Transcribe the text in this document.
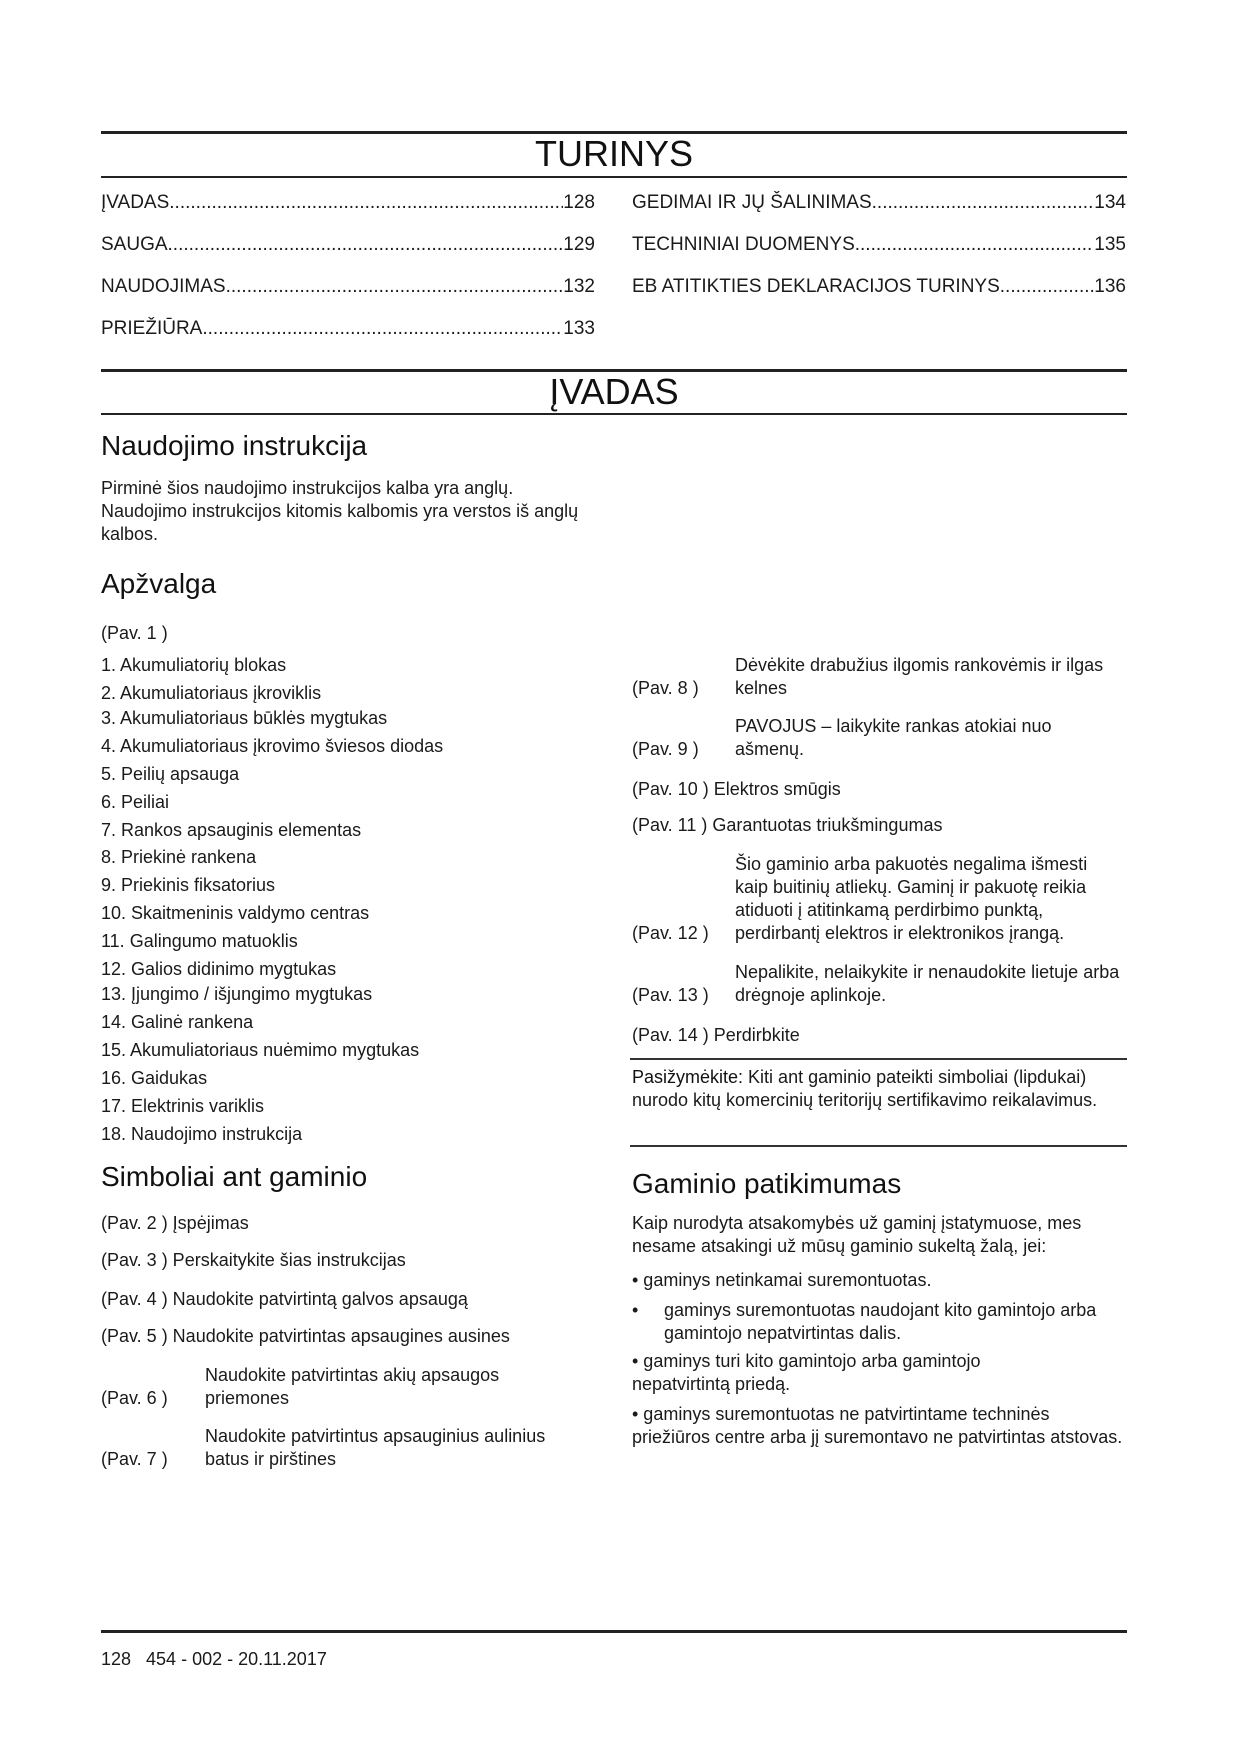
TURINYS
ĮVADAS .....	128
SAUGA .....	129
NAUDOJIMAS .....	132
PRIEŽIŪRA .....	133
GEDIMAI IR JŲ ŠALINIMAS .....	134
TECHNINIAI DUOMENYS .....	135
EB ATITIKTIES DEKLARACIJOS TURINYS .....	136
ĮVADAS
Naudojimo instrukcija
Pirminė šios naudojimo instrukcijos kalba yra anglų. Naudojimo instrukcijos kitomis kalbomis yra verstos iš anglų kalbos.
Apžvalga
(Pav. 1 )
1. Akumuliatorių blokas
2. Akumuliatoriaus įkroviklis
3. Akumuliatoriaus būklės mygtukas
4. Akumuliatoriaus įkrovimo šviesos diodas
5. Peilių apsauga
6. Peiliai
7. Rankos apsauginis elementas
8. Priekinė rankena
9. Priekinis fiksatorius
10. Skaitmeninis valdymo centras
11. Galingumo matuoklis
12. Galios didinimo mygtukas
13. Įjungimo / išjungimo mygtukas
14. Galinė rankena
15. Akumuliatoriaus nuėmimo mygtukas
16. Gaidukas
17. Elektrinis variklis
18. Naudojimo instrukcija
Simboliai ant gaminio
(Pav. 2 ) Įspėjimas
(Pav. 3 ) Perskaitykite šias instrukcijas
(Pav. 4 ) Naudokite patvirtintą galvos apsaugą
(Pav. 5 ) Naudokite patvirtintas apsaugines ausines
(Pav. 6 )
Naudokite patvirtintas akių apsaugos priemones
(Pav. 7 )
Naudokite patvirtintus apsauginius aulinius batus ir pirštines
(Pav. 8 )
Dėvėkite drabužius ilgomis rankovėmis ir ilgas kelnes
(Pav. 9 )
PAVOJUS – laikykite rankas atokiai nuo ašmenų.
(Pav. 10 ) Elektros smūgis
(Pav. 11 ) Garantuotas triukšmingumas
(Pav. 12 )
Šio gaminio arba pakuotės negalima išmesti kaip buitinių atliekų. Gaminį ir pakuotę reikia atiduoti į atitinkamą perdirbimo punktą, perdirbantį elektros ir elektronikos įrangą.
(Pav. 13 )
Nepalikite, nelaikykite ir nenaudokite lietuje arba drėgnoje aplinkoje.
(Pav. 14 ) Perdirbkite
Pasižymėkite: Kiti ant gaminio pateikti simboliai (lipdukai) nurodo kitų komercinių teritorijų sertifikavimo reikalavimus.
Gaminio patikimumas
Kaip nurodyta atsakomybės už gaminį įstatymuose, mes nesame atsakingi už mūsų gaminio sukeltą žalą, jei:
• gaminys netinkamai suremontuotas.
• gaminys suremontuotas naudojant kito gamintojo arba gamintojo nepatvirtintas dalis.
• gaminys turi kito gamintojo arba gamintojo nepatvirtintą priedą.
• gaminys suremontuotas ne patvirtintame techninės priežiūros centre arba jį suremontavo ne patvirtintas atstovas.
128   454 - 002 - 20.11.2017
